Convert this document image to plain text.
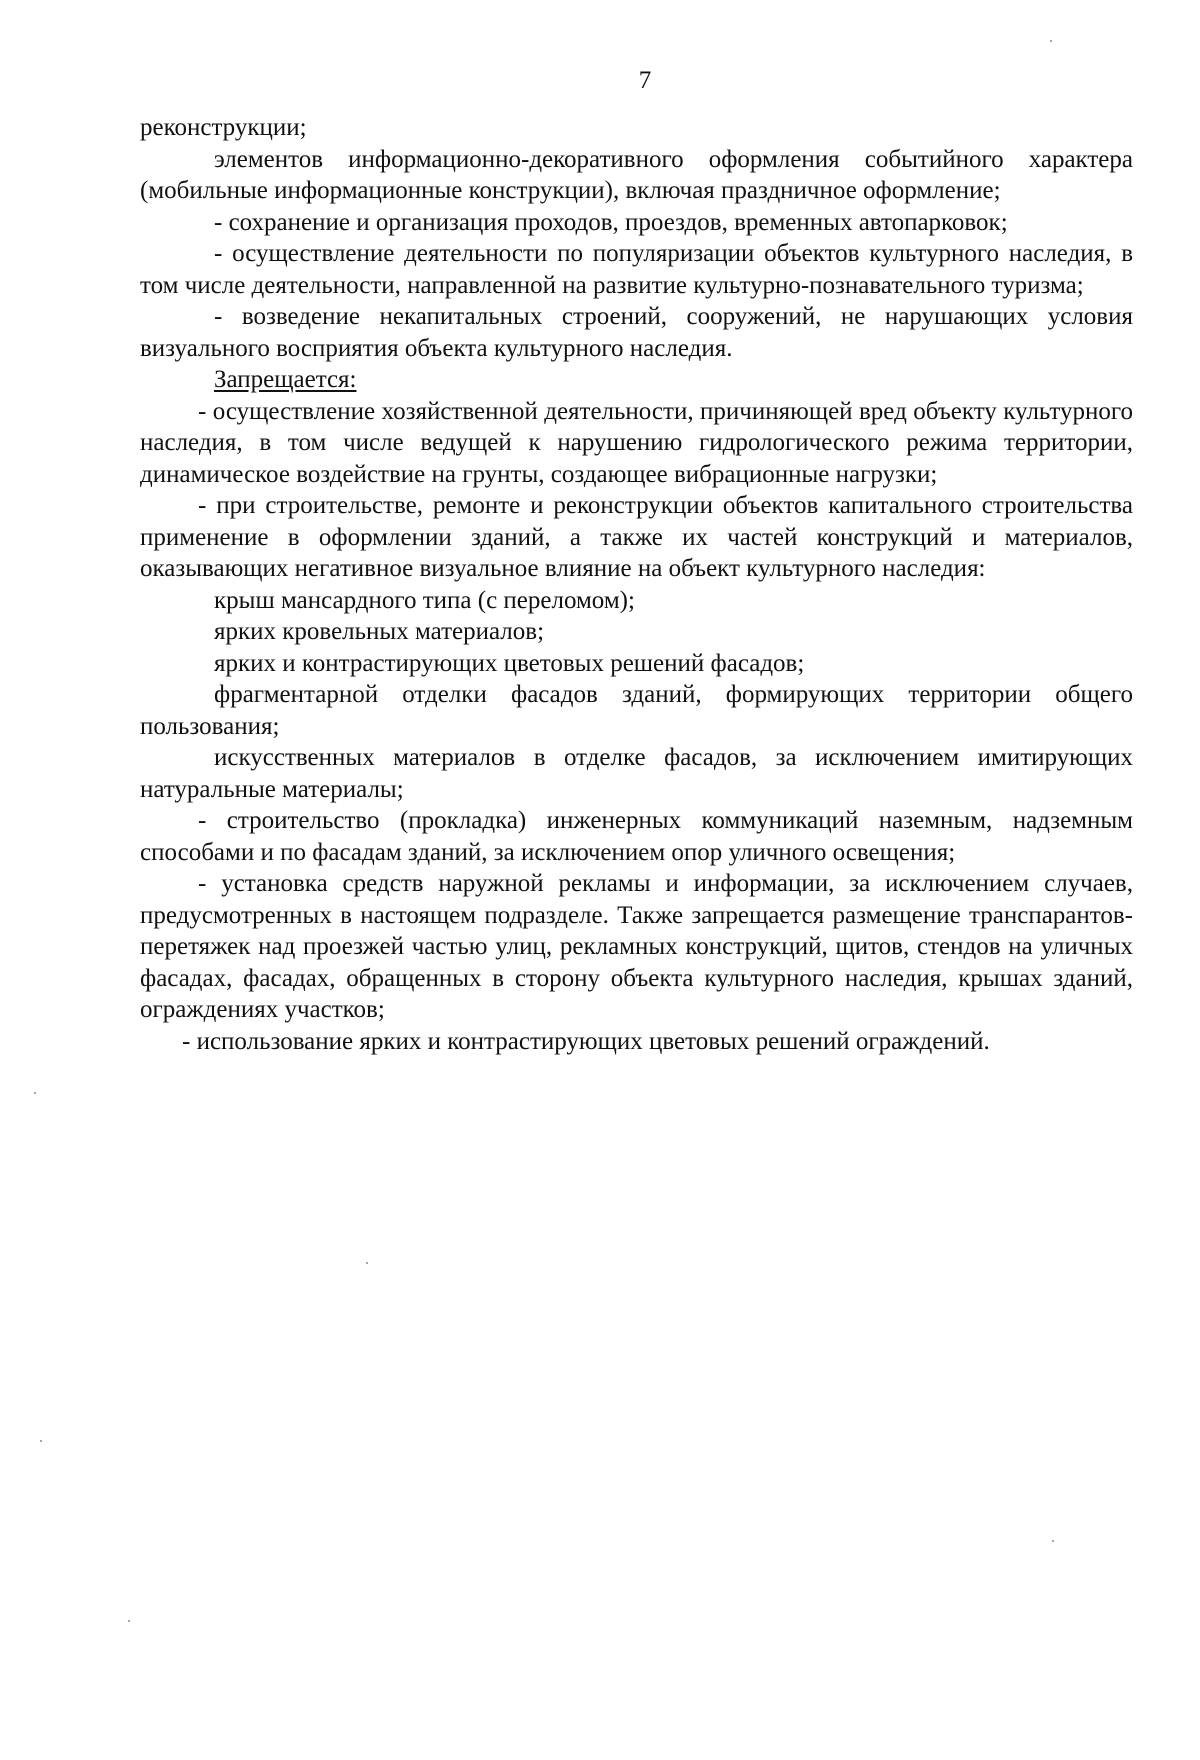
7

реконструкции;

элементов информационно-декоративного оформления событийного характера (мобильные информационные конструкции), включая праздничное оформление;

- сохранение и организация проходов, проездов, временных автопарковок;

- осуществление деятельности по популяризации объектов культурного наследия, в том числе деятельности, направленной на развитие культурно-познавательного туризма;

- возведение некапитальных строений, сооружений, не нарушающих условия визуального восприятия объекта культурного наследия.

Запрещается:

- осуществление хозяйственной деятельности, причиняющей вред объекту культурного наследия, в том числе ведущей к нарушению гидрологического режима территории, динамическое воздействие на грунты, создающее вибрационные нагрузки;

- при строительстве, ремонте и реконструкции объектов капитального строительства применение в оформлении зданий, а также их частей конструкций и материалов, оказывающих негативное визуальное влияние на объект культурного наследия:

крыш мансардного типа (с переломом);

ярких кровельных материалов;

ярких и контрастирующих цветовых решений фасадов;

фрагментарной отделки фасадов зданий, формирующих территории общего пользования;

искусственных материалов в отделке фасадов, за исключением имитирующих натуральные материалы;

- строительство (прокладка) инженерных коммуникаций наземным, надземным способами и по фасадам зданий, за исключением опор уличного освещения;

- установка средств наружной рекламы и информации, за исключением случаев, предусмотренных в настоящем подразделе. Также запрещается размещение транспарантов-перетяжек над проезжей частью улиц, рекламных конструкций, щитов, стендов на уличных фасадах, фасадах, обращенных в сторону объекта культурного наследия, крышах зданий, ограждениях участков;

- использование ярких и контрастирующих цветовых решений ограждений.
